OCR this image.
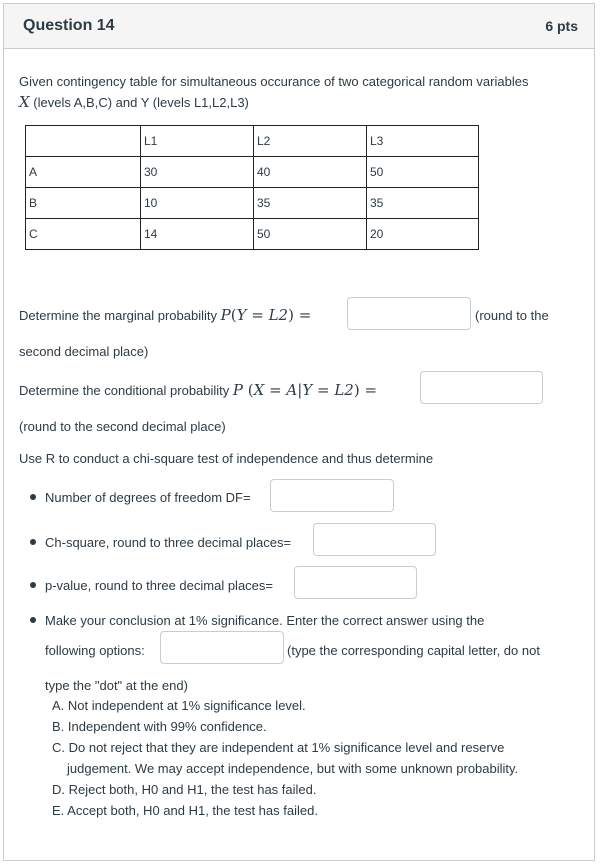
Question 14	6 pts
Given contingency table for simultaneous occurance of two categorical random variables
X (levels A,B,C) and Y (levels L1,L2,L3)
	L1	L2	L3
A	30	40	50
B	10	35	35
C	14	50	20
Determine the marginal probability P(Y = L2) =	(round to the
second decimal place)
Determine the conditional probability P (X = A|Y = L2) =
(round to the second decimal place)
Use R to conduct a chi-square test of independence and thus determine
Number of degrees of freedom DF=
Ch-square, round to three decimal places=
p-value, round to three decimal places=
Make your conclusion at 1% significance. Enter the correct answer using the
following options:	(type the corresponding capital letter, do not
type the "dot" at the end)
A. Not independent at 1% significance level.
B. Independent with 99% confidence.
C. Do not reject that they are independent at 1% significance level and reserve
judgement. We may accept independence, but with some unknown probability.
D. Reject both, H0 and H1, the test has failed.
E. Accept both, H0 and H1, the test has failed.
